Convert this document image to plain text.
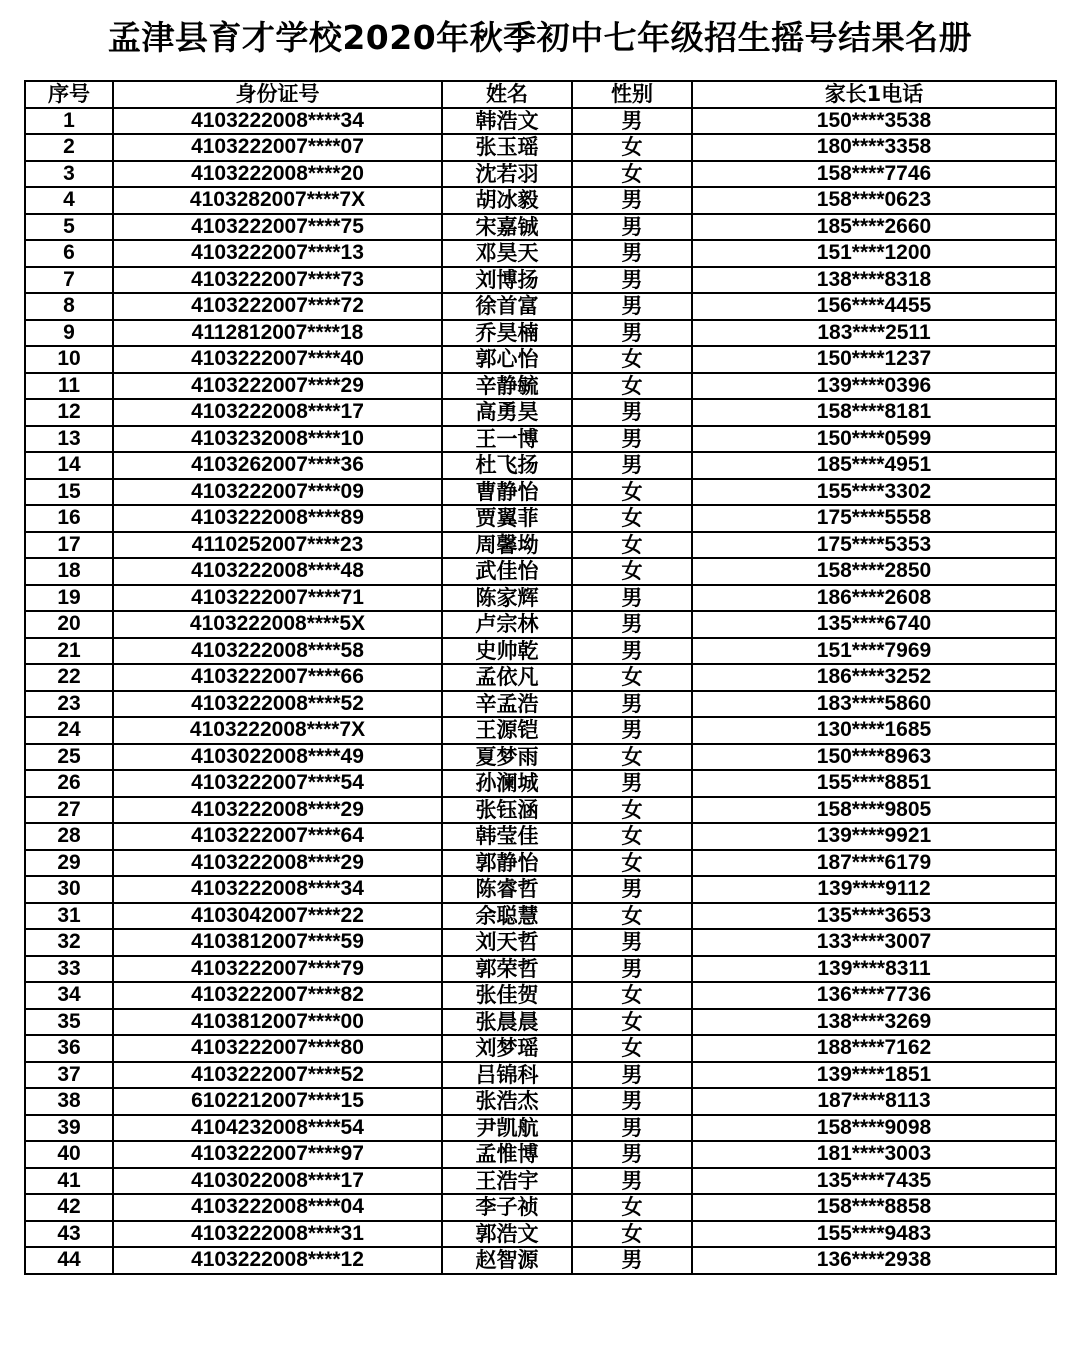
孟津县育才学校2020年秋季初中七年级招生摇号结果名册
序号	身份证号	姓名	性别	家长1电话
1	4103222008****34	韩浩文	男	150****3538
2	4103222007****07	张玉瑶	女	180****3358
3	4103222008****20	沈若羽	女	158****7746
4	4103282007****7X	胡冰毅	男	158****0623
5	4103222007****75	宋嘉铖	男	185****2660
6	4103222007****13	邓昊天	男	151****1200
7	4103222007****73	刘博扬	男	138****8318
8	4103222007****72	徐首富	男	156****4455
9	4112812007****18	乔昊楠	男	183****2511
10	4103222007****40	郭心怡	女	150****1237
11	4103222007****29	辛静毓	女	139****0396
12	4103222008****17	高勇昊	男	158****8181
13	4103232008****10	王一博	男	150****0599
14	4103262007****36	杜飞扬	男	185****4951
15	4103222007****09	曹静怡	女	155****3302
16	4103222008****89	贾翼菲	女	175****5558
17	4110252007****23	周馨坳	女	175****5353
18	4103222008****48	武佳怡	女	158****2850
19	4103222007****71	陈家辉	男	186****2608
20	4103222008****5X	卢宗林	男	135****6740
21	4103222008****58	史帅乾	男	151****7969
22	4103222007****66	孟依凡	女	186****3252
23	4103222008****52	辛孟浩	男	183****5860
24	4103222008****7X	王源铠	男	130****1685
25	4103022008****49	夏梦雨	女	150****8963
26	4103222007****54	孙澜城	男	155****8851
27	4103222008****29	张钰涵	女	158****9805
28	4103222007****64	韩莹佳	女	139****9921
29	4103222008****29	郭静怡	女	187****6179
30	4103222008****34	陈睿哲	男	139****9112
31	4103042007****22	余聪慧	女	135****3653
32	4103812007****59	刘天哲	男	133****3007
33	4103222007****79	郭荣哲	男	139****8311
34	4103222007****82	张佳贺	女	136****7736
35	4103812007****00	张晨晨	女	138****3269
36	4103222007****80	刘梦瑶	女	188****7162
37	4103222007****52	吕锦科	男	139****1851
38	6102212007****15	张浩杰	男	187****8113
39	4104232008****54	尹凯航	男	158****9098
40	4103222007****97	孟惟博	男	181****3003
41	4103022008****17	王浩宇	男	135****7435
42	4103222008****04	李子祯	女	158****8858
43	4103222008****31	郭浩文	女	155****9483
44	4103222008****12	赵智源	男	136****2938
